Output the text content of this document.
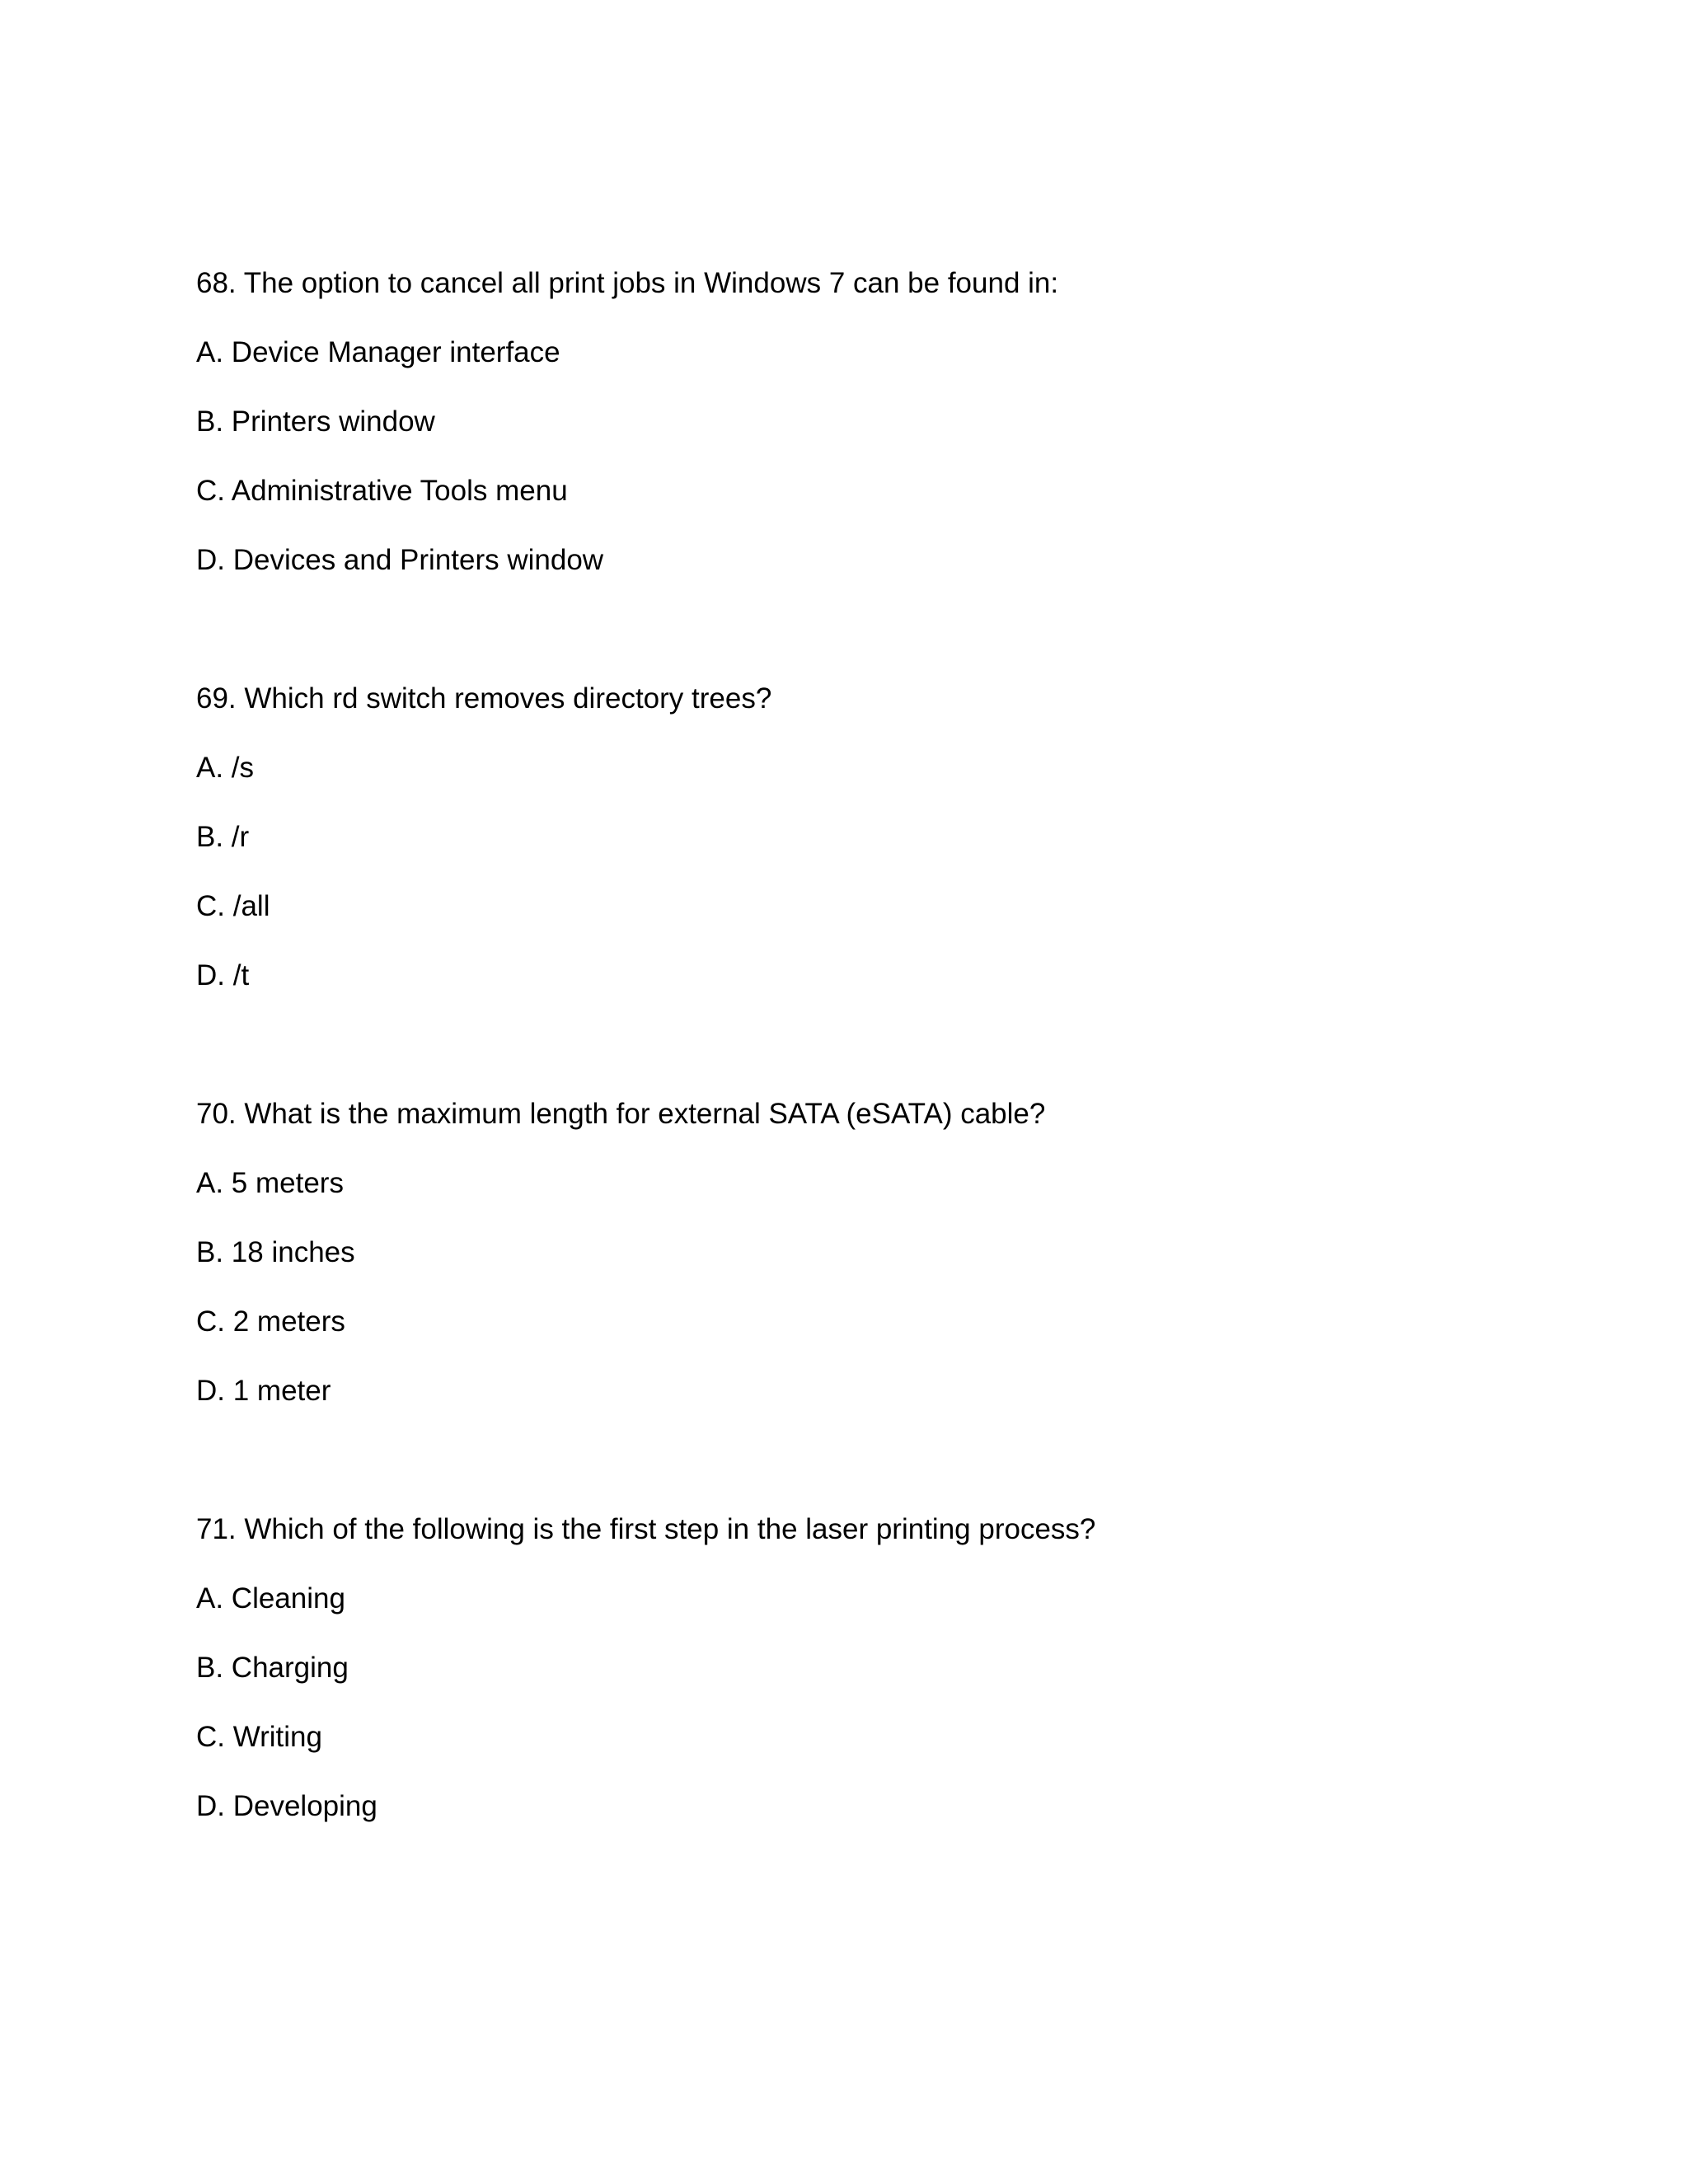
68. The option to cancel all print jobs in Windows 7 can be found in:
A. Device Manager interface
B. Printers window
C. Administrative Tools menu
D. Devices and Printers window
69. Which rd switch removes directory trees?
A. /s
B. /r
C. /all
D. /t
70. What is the maximum length for external SATA (eSATA) cable?
A. 5 meters
B. 18 inches
C. 2 meters
D. 1 meter
71. Which of the following is the first step in the laser printing process?
A. Cleaning
B. Charging
C. Writing
D. Developing
